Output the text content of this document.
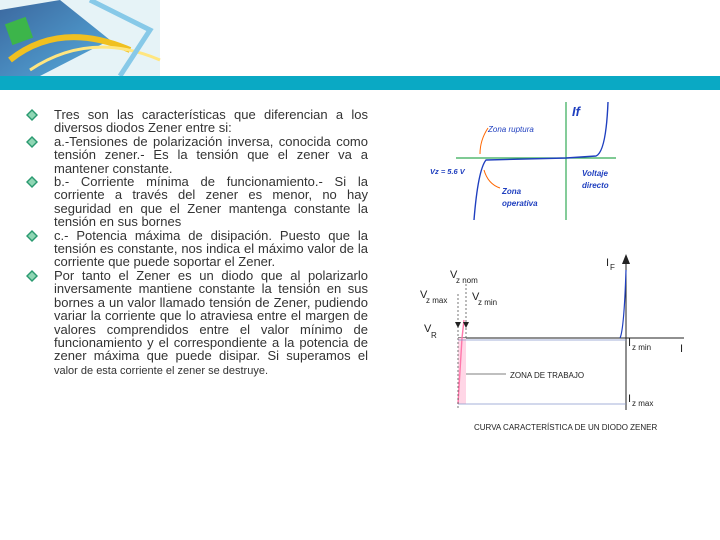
Tres son las características que diferencian a los diversos diodos Zener entre si:
a.-Tensiones de polarización inversa, conocida como tensión zener.- Es la tensión que el zener va a mantener constante.
b.- Corriente mínima de funcionamiento.- Si la corriente a través del zener es menor, no hay seguridad en que el Zener mantenga constante la tensión en sus bornes
c.- Potencia máxima de disipación. Puesto que la tensión es constante, nos indica el máximo valor de la corriente que puede soportar el Zener.
Por tanto el Zener es un diodo que al polarizarlo inversamente mantiene constante la tensión en sus bornes a un valor llamado tensión de Zener, pudiendo variar la corriente que lo atraviesa entre el margen de valores comprendidos entre el valor mínimo de funcionamiento y el correspondiente a la potencia de zener máxima que puede disipar. Si superamos el valor de esta corriente el zener se destruye.
If
Zona ruptura
Vz = 5.6 V	Voltaje
directo
Zona
operativa
I F
V
z nom
V
z max V
z min
V
R
I z min	I
I z max
ZONA DE TRABAJO
CURVA CARACTERÍSTICA DE UN DIODO ZENER
